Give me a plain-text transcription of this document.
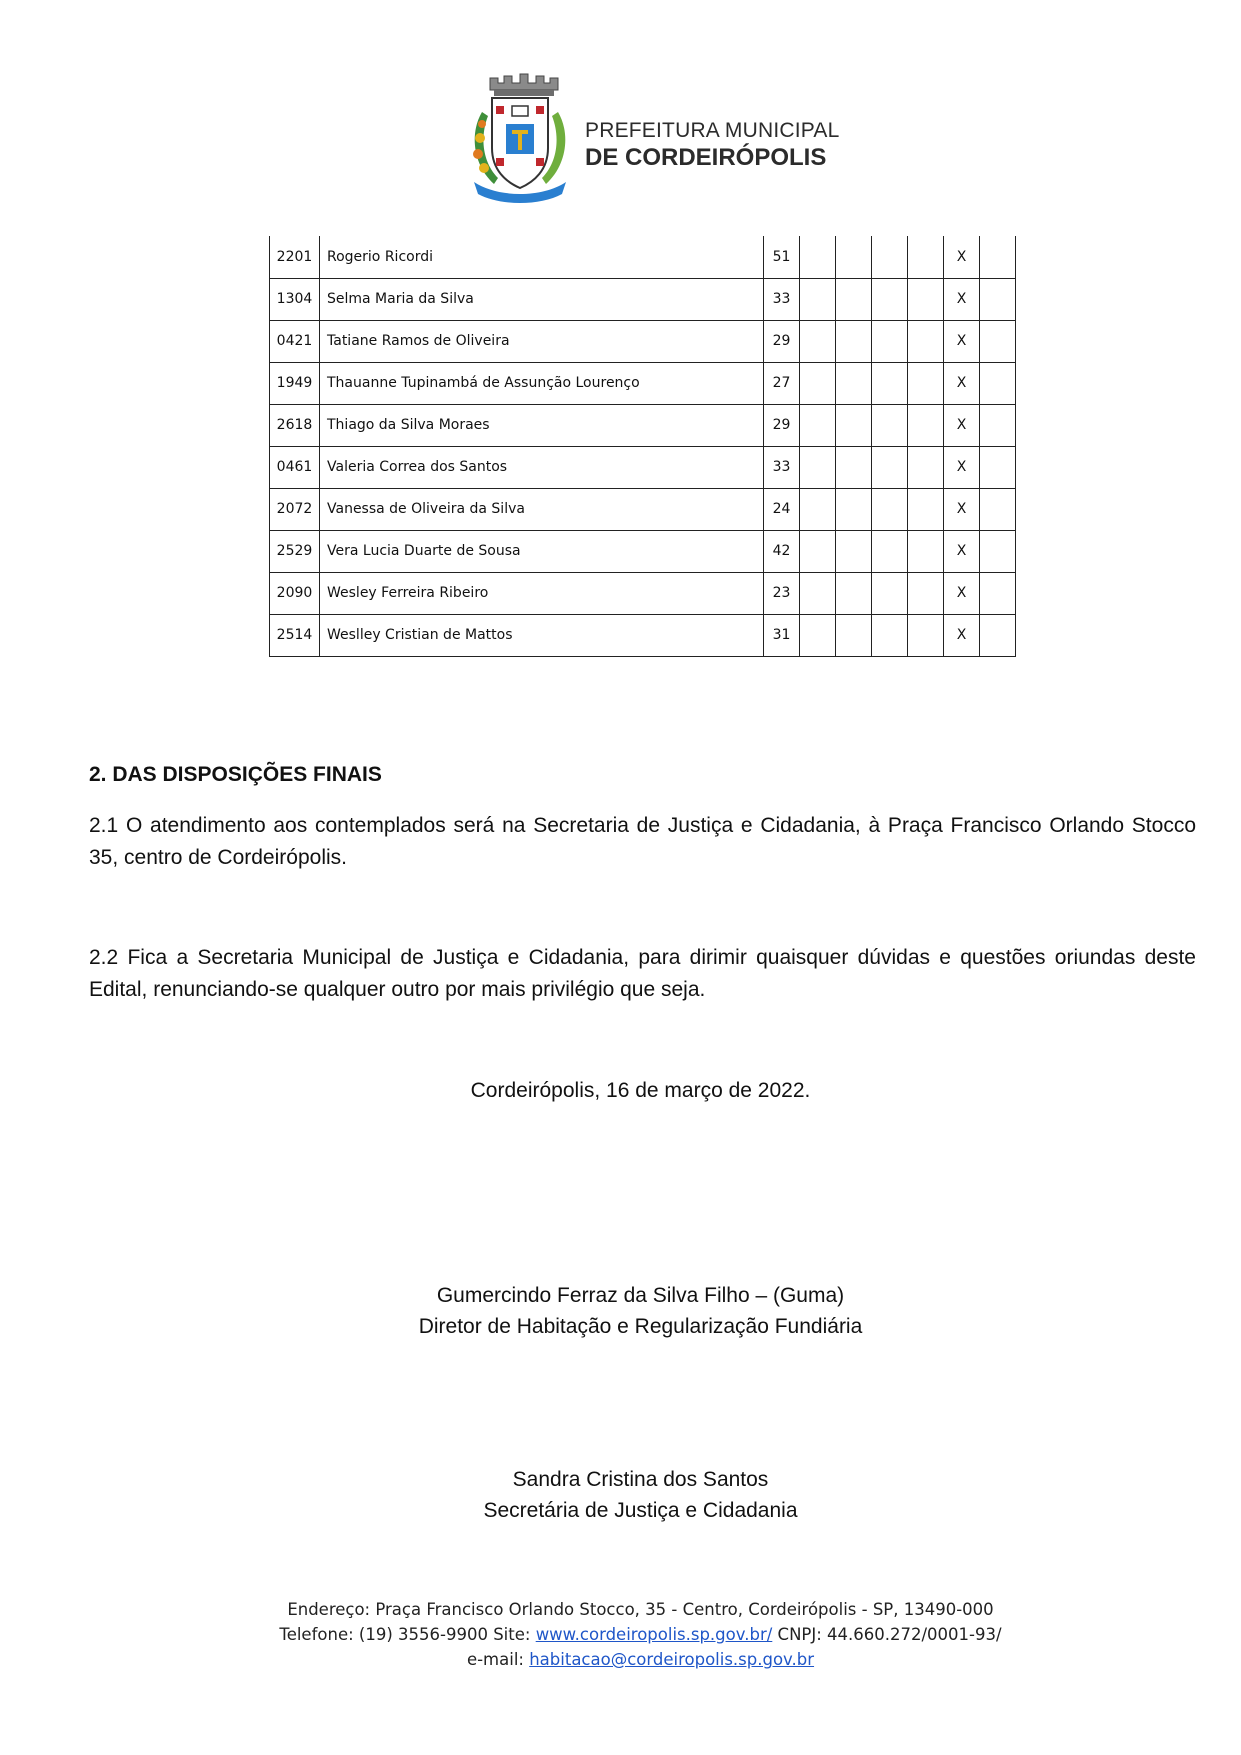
PREFEITURA MUNICIPAL
DE CORDEIRÓPOLIS
2201	Rogerio Ricordi	51					X	
1304	Selma Maria da Silva	33					X	
0421	Tatiane Ramos de Oliveira	29					X	
1949	Thauanne Tupinambá de Assunção Lourenço	27					X	
2618	Thiago da Silva Moraes	29					X	
0461	Valeria Correa dos Santos	33					X	
2072	Vanessa de Oliveira da Silva	24					X	
2529	Vera Lucia Duarte de Sousa	42					X	
2090	Wesley Ferreira Ribeiro	23					X	
2514	Weslley Cristian de Mattos	31					X	
2. DAS DISPOSIÇÕES FINAIS
2.1 O atendimento aos contemplados será na Secretaria de Justiça e Cidadania, à Praça Francisco Orlando Stocco 35, centro de Cordeirópolis.
2.2 Fica a Secretaria Municipal de Justiça e Cidadania, para dirimir quaisquer dúvidas e questões oriundas deste Edital, renunciando-se qualquer outro por mais privilégio que seja.
Cordeirópolis, 16 de março de 2022.
Gumercindo Ferraz da Silva Filho – (Guma)
Diretor de Habitação e Regularização Fundiária
Sandra Cristina dos Santos
Secretária de Justiça e Cidadania
Endereço: Praça Francisco Orlando Stocco, 35 - Centro, Cordeirópolis - SP, 13490-000
Telefone: (19) 3556-9900 Site: www.cordeiropolis.sp.gov.br/ CNPJ: 44.660.272/0001-93/
e-mail: habitacao@cordeiropolis.sp.gov.br
